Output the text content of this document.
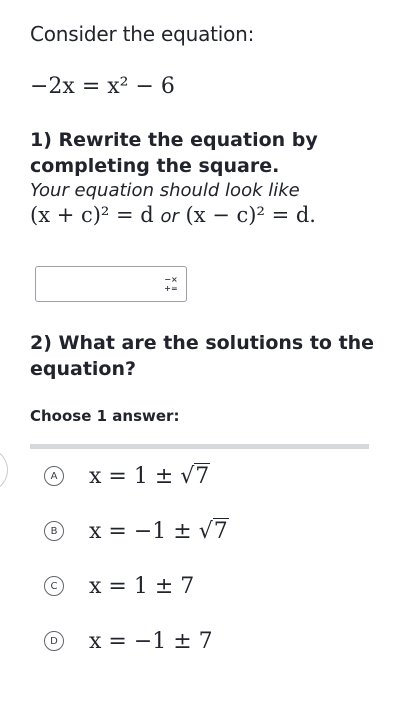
Consider the equation:
−2x = x² − 6
1) Rewrite the equation by completing the square.
Your equation should look like
(x + c)² = d or (x − c)² = d.
−×
+=
2) What are the solutions to the equation?
Choose 1 answer:
A x = 1 ± √7
B x = −1 ± √7
C x = 1 ± 7
D x = −1 ± 7
